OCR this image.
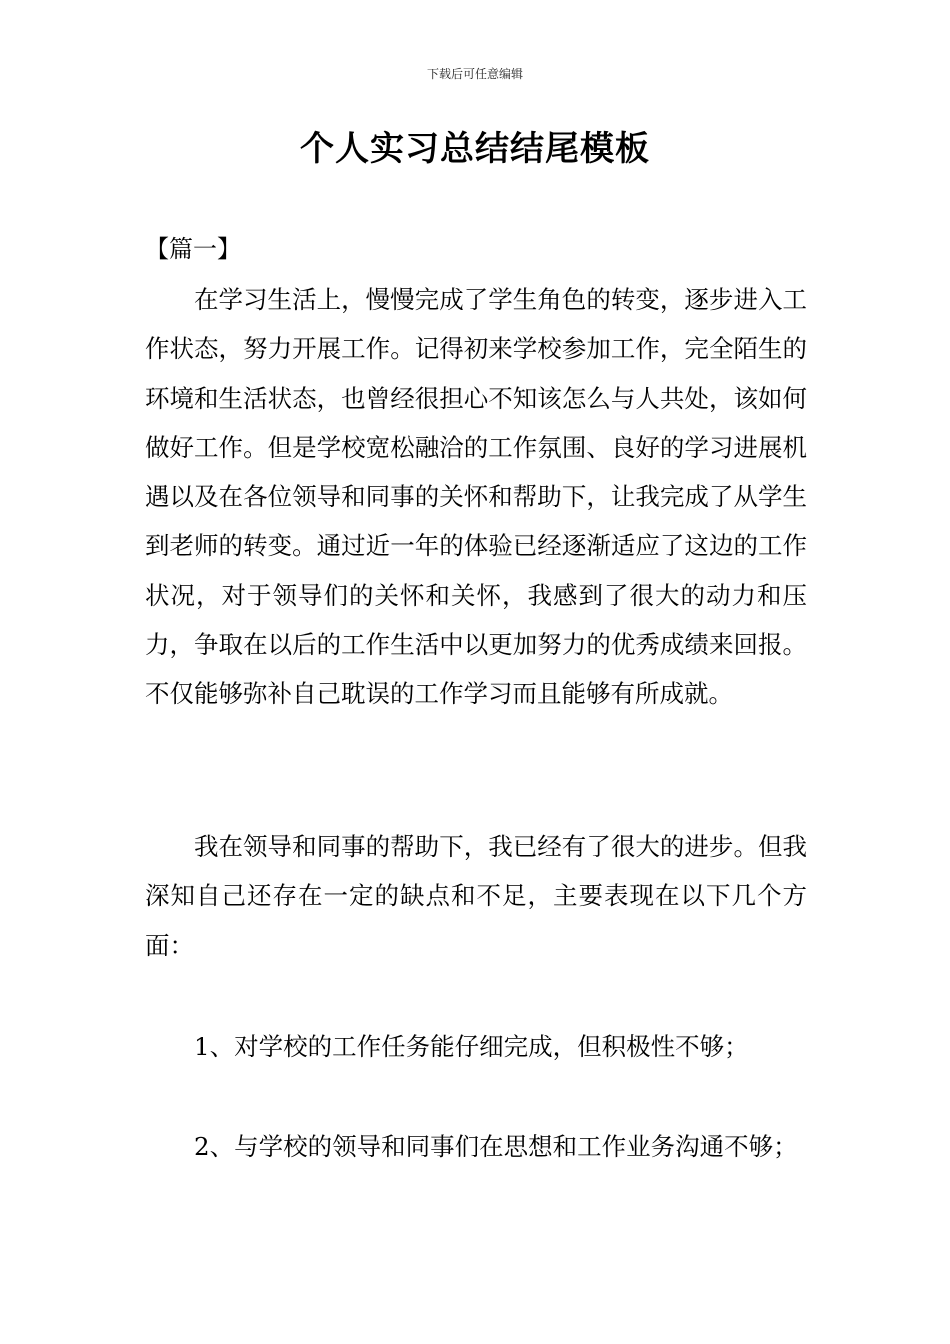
下载后可任意编辑
个人实习总结结尾模板

【篇一】

在学习生活上，慢慢完成了学生角色的转变，逐步进入工作状态，努力开展工作。记得初来学校参加工作，完全陌生的环境和生活状态，也曾经很担心不知该怎么与人共处，该如何做好工作。但是学校宽松融洽的工作氛围、良好的学习进展机遇以及在各位领导和同事的关怀和帮助下，让我完成了从学生到老师的转变。通过近一年的体验已经逐渐适应了这边的工作状况，对于领导们的关怀和关怀，我感到了很大的动力和压力，争取在以后的工作生活中以更加努力的优秀成绩来回报。不仅能够弥补自己耽误的工作学习而且能够有所成就。

我在领导和同事的帮助下，我已经有了很大的进步。但我深知自己还存在一定的缺点和不足，主要表现在以下几个方面：

1、对学校的工作任务能仔细完成，但积极性不够；

2、与学校的领导和同事们在思想和工作业务沟通不够；
